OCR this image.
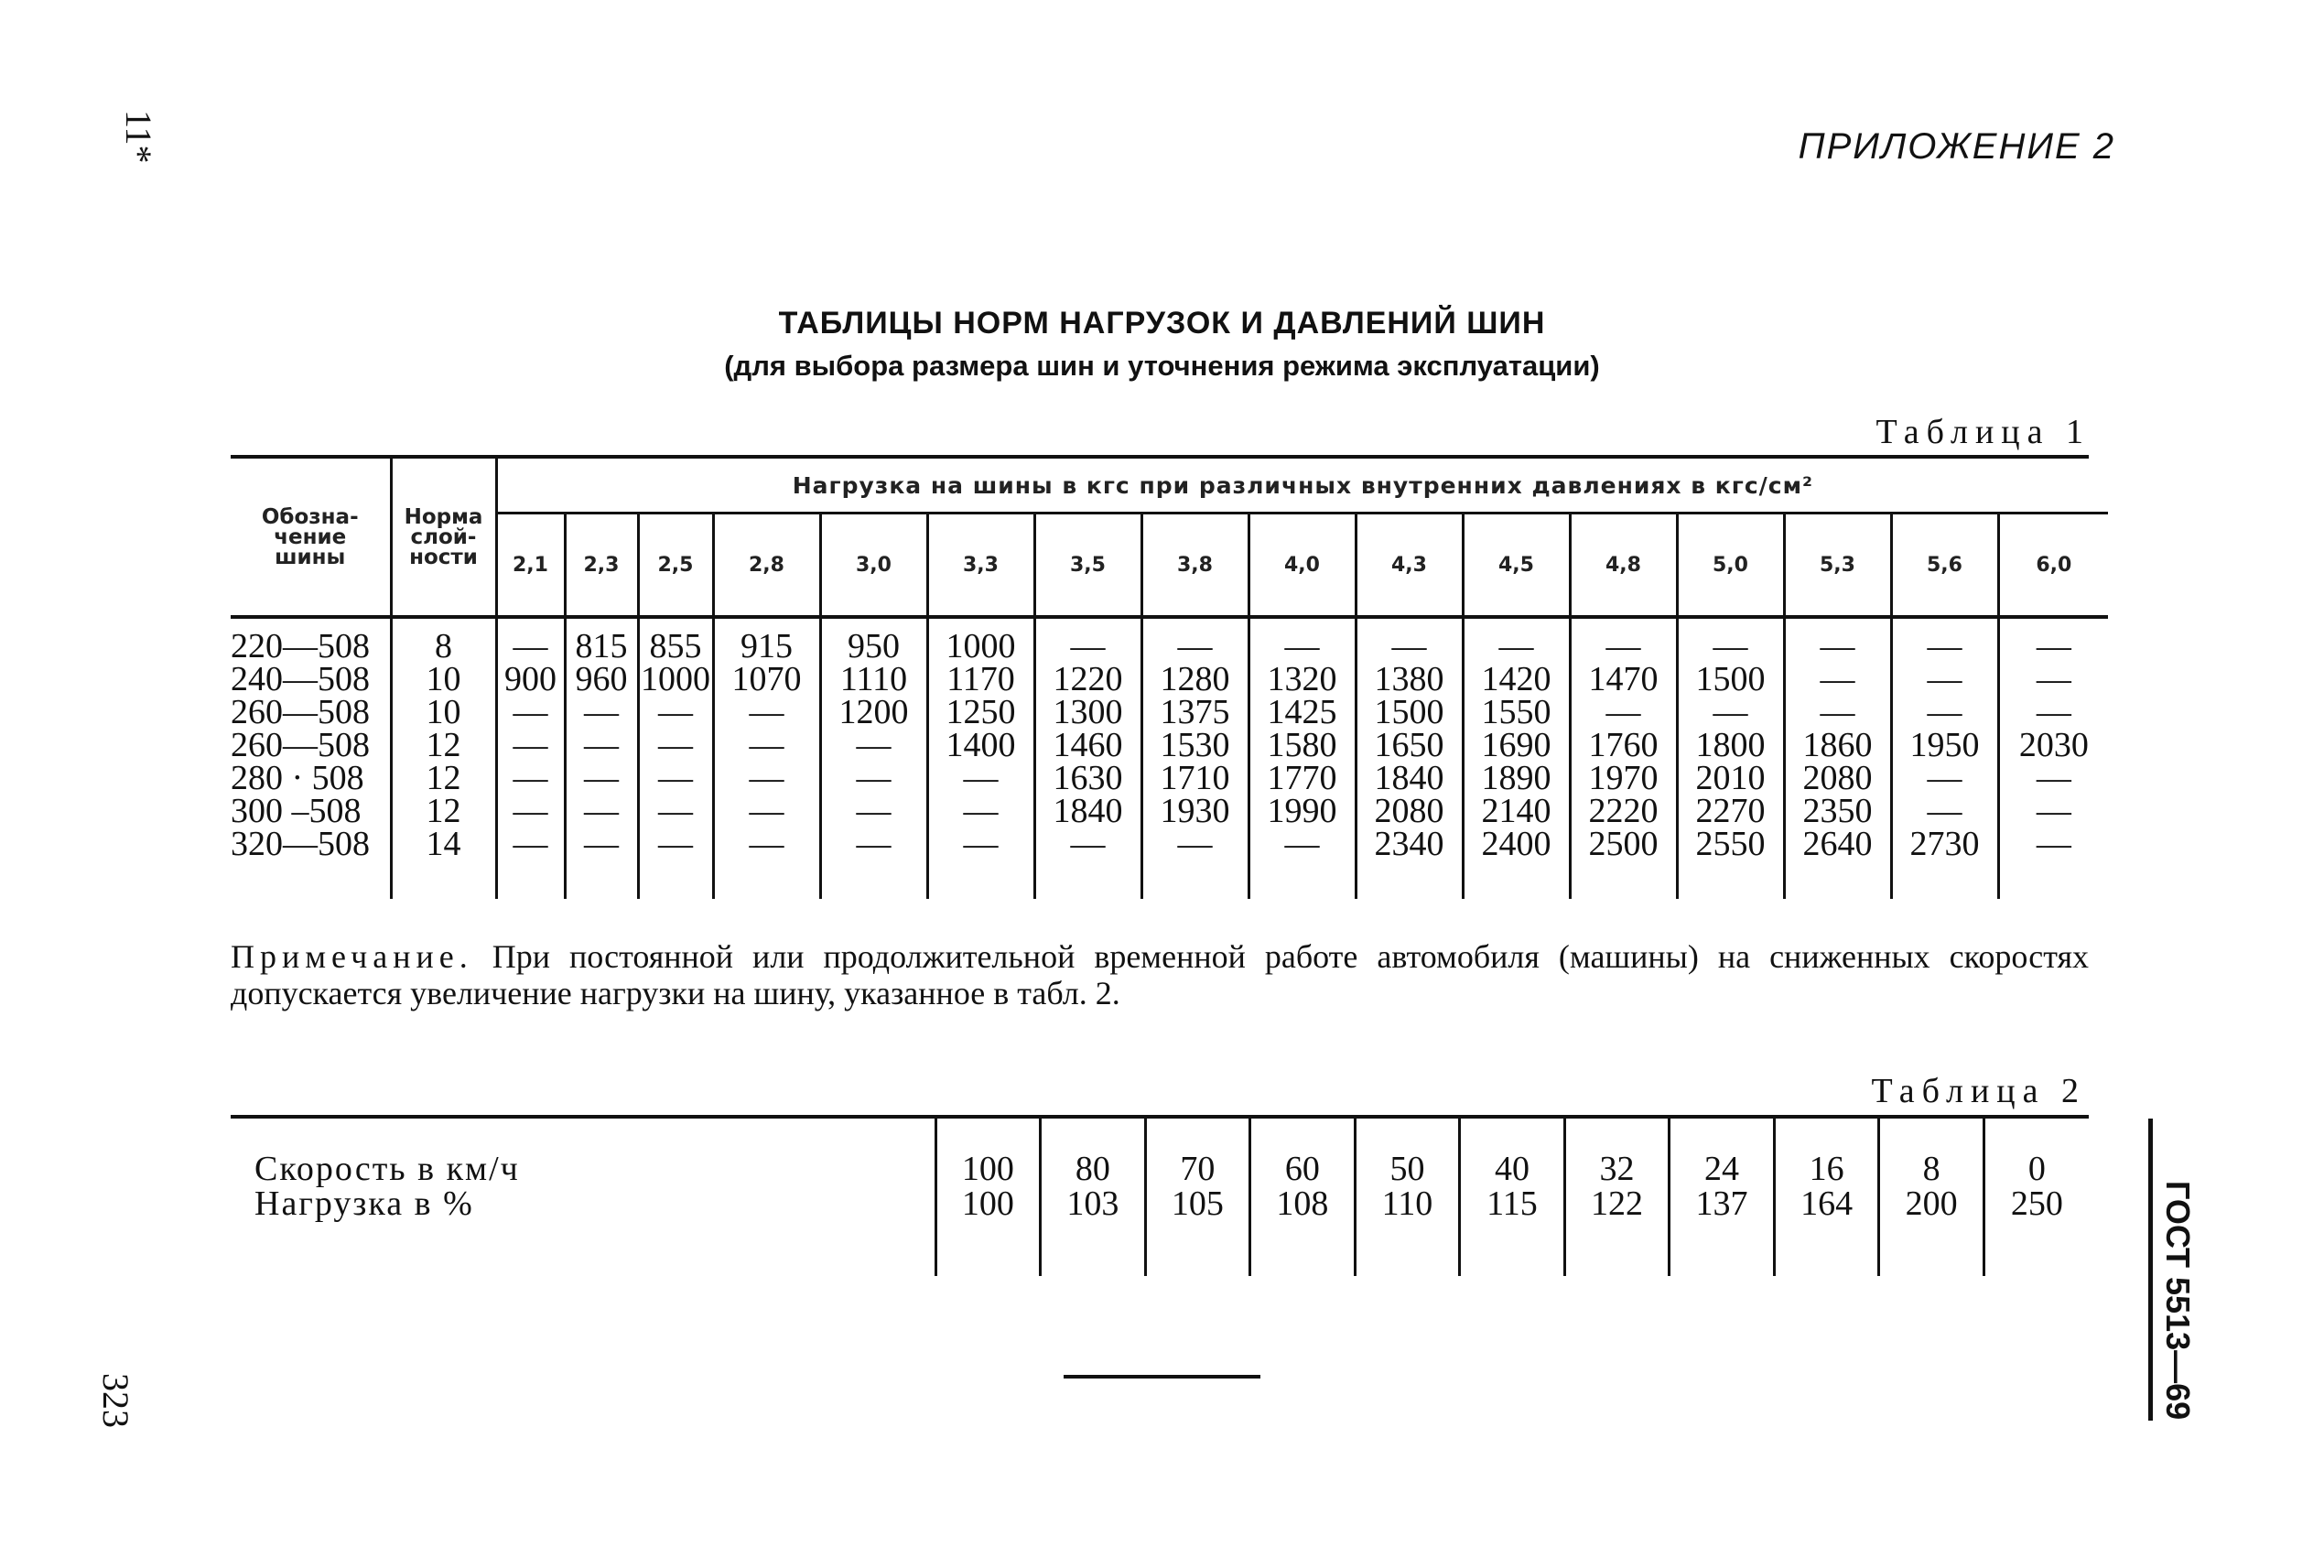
11*
323
ПРИЛОЖЕНИЕ 2
ТАБЛИЦЫ НОРМ НАГРУЗОК И ДАВЛЕНИЙ ШИН
(для выбора размера шин и уточнения режима эксплуатации)
Таблица 1
Обозна-
чение
шины	Норма
слой-
ности	Нагрузка на шины в кгс при различных внутренних давлениях в кгс/см²															
		2,1	2,3	2,5	2,8	3,0	3,3	3,5	3,8	4,0	4,3	4,5	4,8	5,0	5,3	5,6	6,0

220—508	8	—	815	855	915	950	1000	—	—	—	—	—	—	—	—	—	—
240—508	10	900	960	1000	1070	1110	1170	1220	1280	1320	1380	1420	1470	1500	—	—	—
260—508	10	—	—	—	—	1200	1250	1300	1375	1425	1500	1550	—	—	—	—	—
260—508	12	—	—	—	—	—	1400	1460	1530	1580	1650	1690	1760	1800	1860	1950	2030
280 · 508	12	—	—	—	—	—	—	1630	1710	1770	1840	1890	1970	2010	2080	—	—
300 –508	12	—	—	—	—	—	—	1840	1930	1990	2080	2140	2220	2270	2350	—	—
320—508	14	—	—	—	—	—	—	—	—	—	2340	2400	2500	2550	2640	2730	—

Примечание. При постоянной или продолжительной временной работе автомобиля (машины) на сниженных скоростях допускается увеличение нагрузки на шину, указанное в табл. 2.
Таблица 2

Скорость в км/ч	100	80	70	60	50	40	32	24	16	8	0
Нагрузка в %	100	103	105	108	110	115	122	137	164	200	250
												ГОСТ 5513—69
